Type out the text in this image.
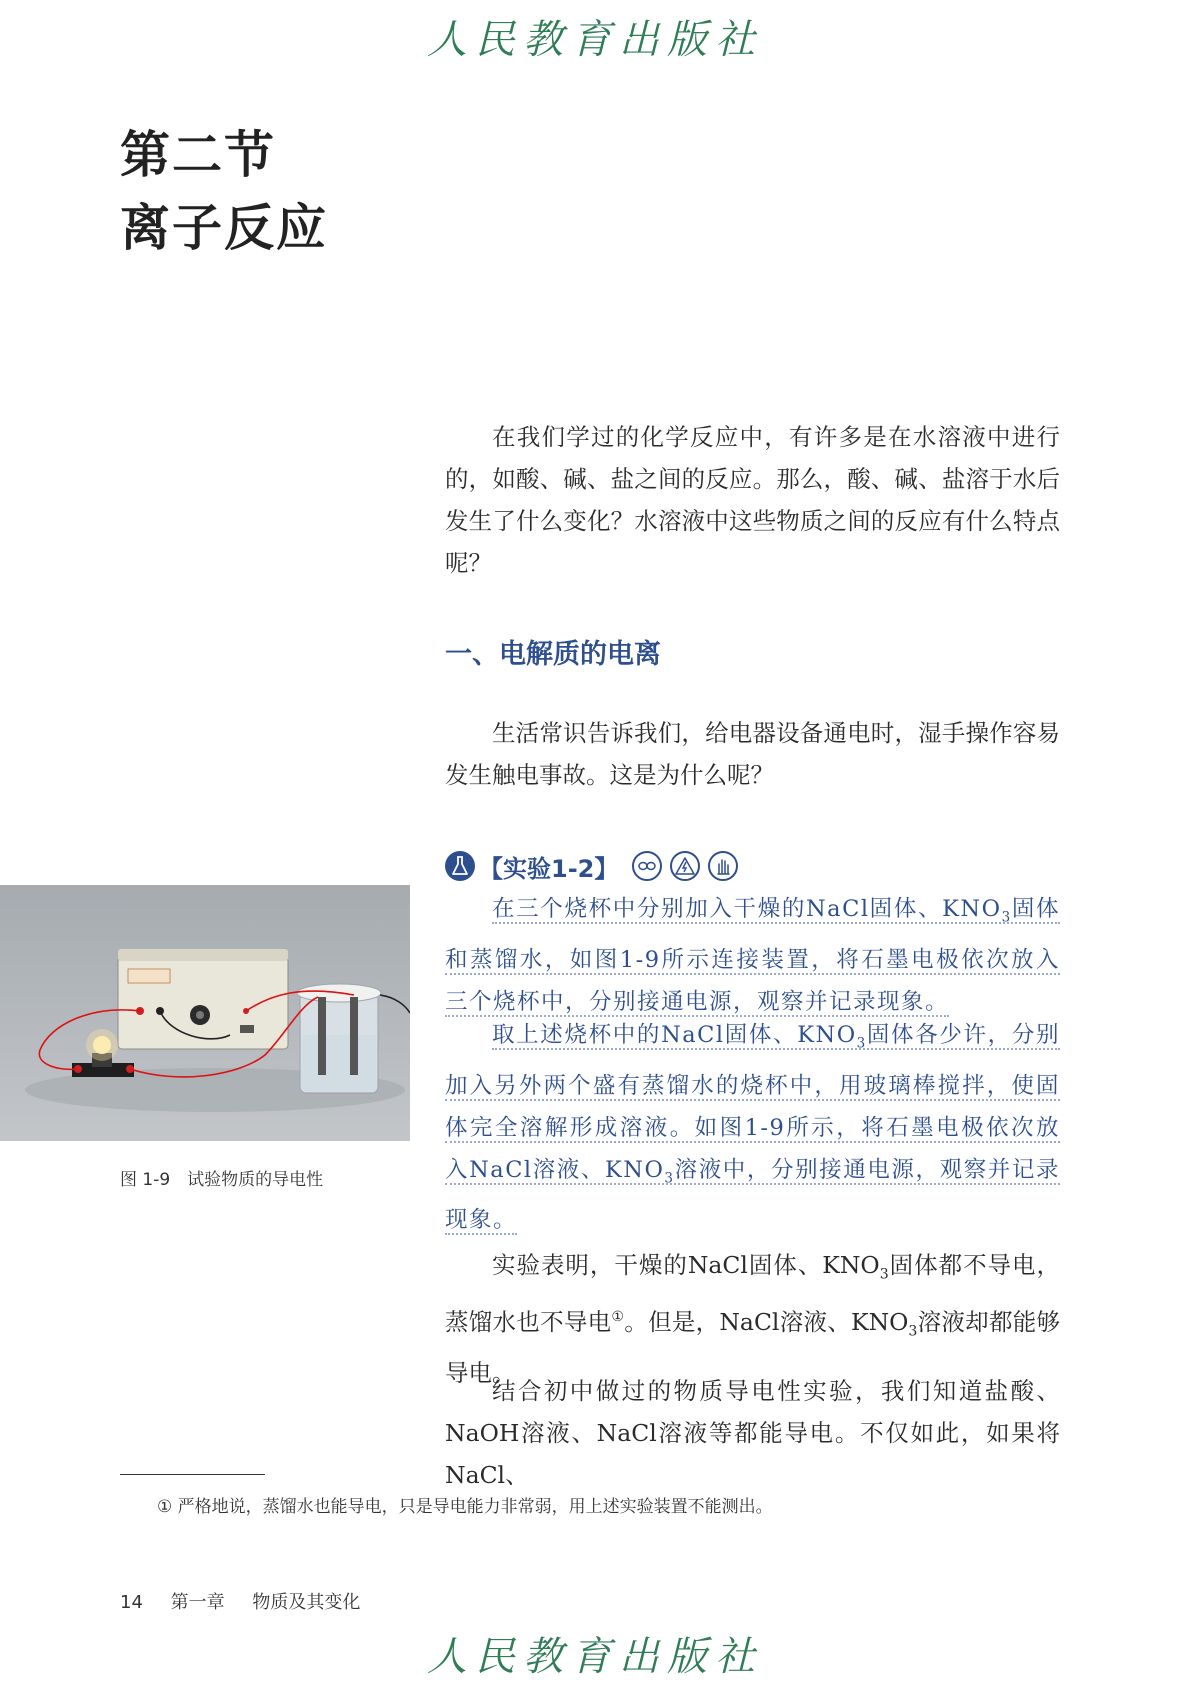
人民教育出版社
第二节
离子反应

在我们学过的化学反应中，有许多是在水溶液中进行的，如酸、碱、盐之间的反应。那么，酸、碱、盐溶于水后发生了什么变化？水溶液中这些物质之间的反应有什么特点呢？

一、电解质的电离

生活常识告诉我们，给电器设备通电时，湿手操作容易发生触电事故。这是为什么呢？

【实验1-2】

在三个烧杯中分别加入干燥的NaCl固体、$KNO_3$固体和蒸馏水，如图1-9所示连接装置，将石墨电极依次放入三个烧杯中，分别接通电源，观察并记录现象。

取上述烧杯中的NaCl固体、$KNO_3$固体各少许，分别加入另外两个盛有蒸馏水的烧杯中，用玻璃棒搅拌，使固体完全溶解形成溶液。如图1-9所示，将石墨电极依次放入NaCl溶液、$KNO_3$溶液中，分别接通电源，观察并记录现象。

图 1-9　试验物质的导电性

实验表明，干燥的NaCl固体、$KNO_3$固体都不导电，蒸馏水也不导电①。但是，NaCl溶液、$KNO_3$溶液却都能够导电。

结合初中做过的物质导电性实验，我们知道盐酸、NaOH溶液、NaCl溶液等都能导电。不仅如此，如果将NaCl、

① 严格地说，蒸馏水也能导电，只是导电能力非常弱，用上述实验装置不能测出。
14 第一章 物质及其变化
人民教育出版社
